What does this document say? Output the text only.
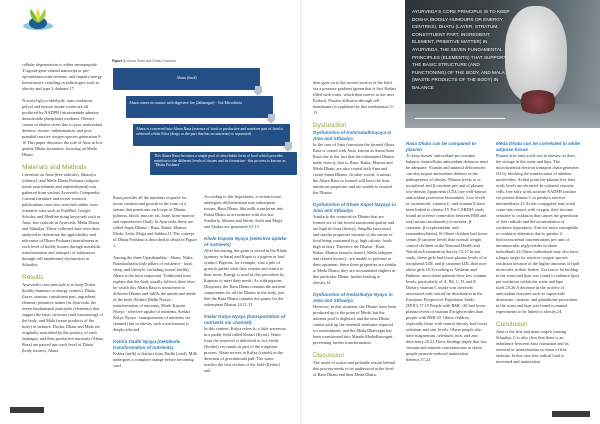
cellular degeneration to either neuropeptide Y/agouti-gene-related transcript or pro-opiomelanocortin neurons, and impairs energy homeostasis; resulting in pathologies such as obesity and type 2 diabetes.17

N-acetyl-glyco-aldehyde, auto-oxidation, polyol and hexose amine routes are all produced by NADPH (nicotinamide adenine dinucleotide phosphate) oxidases. Obesity causes oxidative stress due to poor antioxidant defence, chronic inflammation, and post-prandial reactive oxygen species generation.9-10 This paper discusses the role of Ama in low quality Dhatu formation, focusing on Meda Dhatu.

Materials and Methods

Literature on Ama (free radicals), Sthaulya (obesity), and Meda Dhatu Poshana (adipose tissue nourishment and replenishment) was gathered from various Ayurvedic Compendia. Current literature and recent research publications were also searched online from scientific sites such as PubMed, Google Scholar, and Medline using keywords such as Ama, free radicals in Ayurveda, Meda Dhatu, and Sthaulya. These collected data were then analysed to determine the applicability and relevance of Dhatu Poshana (nourishment at each level of bodily tissues through metabolic transformation and transport of substances through cell membrane) dysfunction in Sthaulya.

Results

Ayurveda's core principle is to keep Dosha (bodily humours or energy centres), Dhatu (layer, stratum, constituent part, ingredient, element, primitive matter) in Ayurveda, the seven fundamental principles (elements) that support the basic structure (and functioning) of the body, and Mala (waste products of the body) in balance. Dosha, Dhatu and Mala are originally nourished by the potency of each Jathragni, and then productive nutrients (Ahara Rasa) are passed into each level of Dhatu (body tissues). Ahara

Figure 1. Ahara Rasa and Dhatu Poshana
Ahara (food)
Ahara comes in contact with digestive fire (Jatharagni) - Gut Microbiota
Ahara is converted into Ahara Rasa (essence of food or productive and nutritive part of food is achieved whilst Kitta (dregs or the part that has no nutrients) is separated)
This Ahara Rasa becomes a single pool of absorbable form of food which provides nutrition to the different levels of tissues and its formation - this process is known as "Dhatu Poshana"

Rasa provides all the nutrients required for tissue creation and growth in the form of a stream that penetrates each type of Dhatus (plasma, blood, muscle, fat, bone, bone marrow and reproductive fluid). In Ayurveda, these are called Sapta Dhatus - Rasa, Rakta, Mamsa, Meda, Asthi, Majja and Sukhra.11 The concept of Dhatu Poshana is described in detail in Figure 1.

Among the three Upasthambha - Ahara, Nidra, Bramhacharya (sub pillars of existence - food, sleep, and lifestyle, including sexual health), Ahara is the most important. Traditional texts explain that the body usually follows three laws by which this Ahara Rasa is transferred to different Dhatus and fulfils the nutritional needs of the body (Kshira Dadhi Nyaya - transformation of nutrients, Khale Kapota Nyaya - selective uptake of nutrients, Kedari Kulya Nyaya - transportation of nutrients via channel) but in obesity such a mechanism is deeply affected.

Kshira Dadhi Nyaya (metabolic transformation of nutrients)

Kshira (milk) is distinct from Dadhi (curd). Milk undergoes a complete change before becoming curd.

According to this hypothesis, a certain tissue undergoes differentiation into subsequent tissues. Rasa Dhatu, like milk, transforms into Rakta Dhatu in accordance with this law. Similarly, Mamsa and Meda, Asthi and Majja and Shukra are generated.12-13

Khale Kapota Nyaya (selective uptake of nutrients)

After harvesting, the grain is stored in the Khale (granary or barn) and Kapot is a pigeon or bird symbol. Pigeons, for example, visit a pile of grain to gather what they require and return to their nests. Energy is used in this procedure by Kapotas to meet their needs. As with pigeons (Kapotas), the Rasa Dhatu contains the nutrient components for all the Dhatus in the body, just like the Rasa Dhatu contains the grains for the subsequent Dhatus.10,11,13

Kedar Kulya Nyaya (transportation of nutrients via channel)

In this context, Kulya refers to a little waterway in a paddy field called Kedari (Kyari). Water from the reservoir is delivered to rice fields (Kedari) via canals as part of the irrigation process. Water moves in Kulya (canals) in the direction of gravitational pull. The water reaches the first section of the field (Kedari) and

then goes on to the second section of the field via a pressure gradient (green that is first Kedari filled with water, which then moves to the next Kedari). Passive diffusion through cell membranes is explained by this mechanism.11-13

Dysfunction
Dysfunction of Kshiradadhinyaya in Ama and Sthaulya

In the case of Ama formation the formed Ahara Rasa is coated with Ama, known as Sama Ama Rasa due to the fact that the subsequent Dhatus made from it, that is, Rasa, Rakta, Mamsa and Meda Dhatu, are also coated with Ama and create Sama Dhatus. In other words, it means the Ahara Rasa so formed will have the least nutritious properties and are unable to nourish the Dhatus.

Dysfunction of Khale Kapot Nayaya in Ama and Sthaulya

Similarly the consecutive Dhatus that are formed are of the lowest nutritional quality and are high in Guru (heavy), Snigdha (unctuous) and similar properties because of the nature of food being consumed (e.g. high calorie, foods high in fats). Therefore the Dhatus - Rasa, Rakta, Mamsa (muscle tissue), Meda (adipose and related tissues) - are unable to perform at their optimum. Since these properties are similar to Meda Dhatu, they are accumulated highest in this particular Dhatu, further leading to obesity.14

Dysfunction of Kedarikulya Nyaya in Ama and Sthaulya

However, in this situation, the Dhatus have been produced up to the point of Meda, but the nutrient pool is depleted, and the next Dhatu cannot pick up the essential attributes required for nourishment, and the Meda Dhatvagni has been transformed into Manda-Medodhatvagni, preventing further transformation.

Discussion

The mode of action and probable reason behind this process needs to be understood at the level of Rasa Dhatu and then Meda Dhatu.

AYURVEDA'S CORE PRINCIPLE IS TO KEEP DOSHA (BODILY HUMOURS OR ENERGY CENTRES), DHATU (LAYER, STRATUM, CONSTITUENT PART, INGREDIENT, ELEMENT, PRIMITIVE MATTER) IN AYURVEDA, THE SEVEN FUNDAMENTAL PRINCIPLES (ELEMENTS) THAT SUPPORT THE BASIC STRUCTURE (AND FUNCTIONING) OF THE BODY, AND MALA (WASTE PRODUCTS OF THE BODY) IN BALANCE
Rasa Dhatu can be compared to plasma

To keep tissues' antioxidant-pro-oxidant balance, intracellular antioxidant defences must be adequate. Vitamin and mineral deficiencies can also impair antioxidant defence in the pathogenesis of obesity. Plasma levels of α-tocopherol and β-carotene per unit of plasma low-density lipoprotein (LDL) are well-known antioxidant protection biomarkers. Low levels of carotenoids, vitamin C, and vitamin E have been linked to obesity.15 The CARDIA study found an inverse connection between BMI and total serum carotenoids (α-carotene, β-carotene, β-cryptoxanthin, and zeaxanthin/lutein).16 Obese children had lower serum β-carotene levels than normal weight control children in the National Health and Nutrition Examination Survey.15,17 In one study, obese girls had lower plasma levels of α-tocopherol/LDL and β-carotene/LDL than non-obese girls.18 According to Aasheim and Bøhmer, most obese patients have low vitamin levels, particularly of A, B6, C, D, and E. Dietary vitamin C intake was inversely associated with central fat distribution in the European Prospective Population Study (EPIC).17,19 People with BMI >30 had lower plasma levels of vitamin E/triglycerides than people with BMI 30. Obese children, especially those with central obesity, had lower selenium and zinc levels. Obese people also have magnesium, selenium, iron, and zinc deficiency.20,21 These findings imply that low vitamin and mineral concentrations in obese people promote reduced antioxidant defence.17,22

Meda Dhatu can be correlated to white adipose tissue

Plasma-free fatty acids rise in obesity, as does the storage in the waist and hips. The mitochondrial electron transport chain generates O2 by blocking the translocation of adenine nucleotides. At that point the plasma free fatty acids levels are elevated. In cultured vascular cells, free fatty acids activate NADPH oxidase via protein Kinase C to produce reactive intermediates.23 As the conjugated fatty acids come into contact with oxygen, they become sensitive to oxidation that causes the generation of free radicals and the accumulation of oxidative byproducts. Fats are more susceptible to oxidative alteration due to greater 4-hydroxynonenal concentrations per unit of intramuscular triglycerides in obese individuals.24 Obese individuals may also have a larger target for reactive oxygen species oxidation because of the higher amounts of lipid molecules in their bodies. Excessive fat buildup in the waist and hips was found to enhance lipid per-oxidation within the waist and hips itself.25,26 A decrease in the activity of antioxidant enzymes such as superoxide dismutase, catalase, and glutathione peroxidase in the waist and hips was found in animal experiments to be linked to obesity.24

Conclusion

Ama is the first and main culprit causing Sthaulya. It is also clear that there is an imbalance between Ama formation and its removal or neutralisation in terms of free radicals. In this case free radical load is increased and antioxidant
